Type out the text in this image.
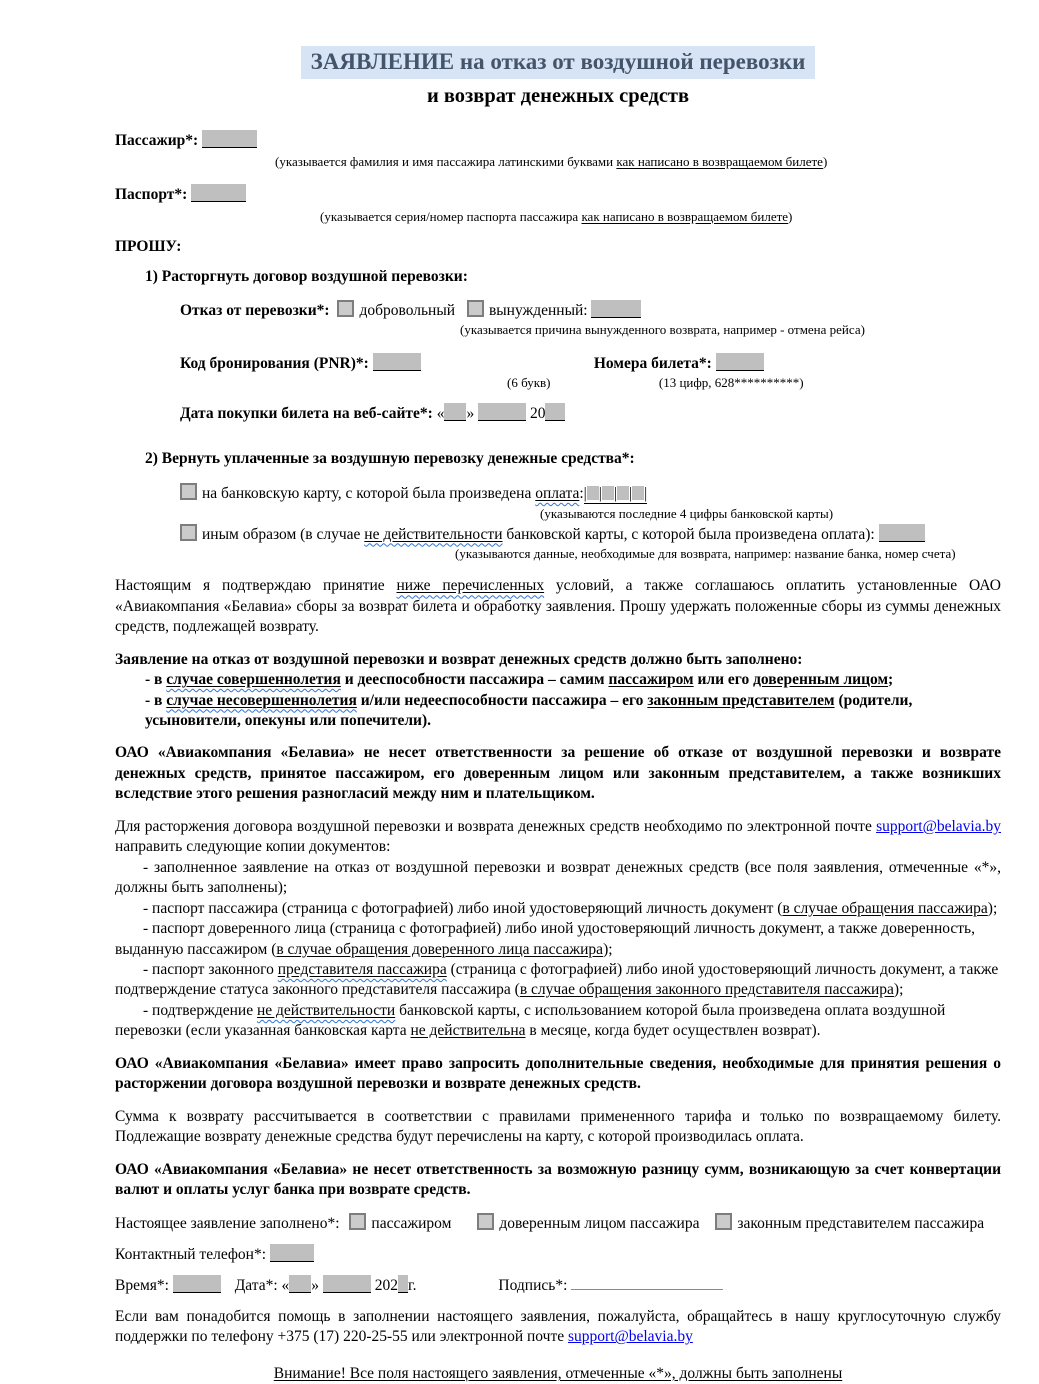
ЗАЯВЛЕНИЕ на отказ от воздушной перевозки
и возврат денежных средств
Пассажир*:
(указывается фамилия и имя пассажира латинскими буквами как написано в возвращаемом билете)
Паспорт*:
(указывается серия/номер паспорта пассажира как написано в возвращаемом билете)
ПРОШУ:
1) Расторгнуть договор воздушной перевозки:
Отказ от перевозки*: добровольный вынужденный:
(указывается причина вынужденного возврата, например - отмена рейса)
Код бронирования (PNR)*:
(6 букв)

Номера билета*:
(13 цифр, 628**********)
Дата покупки билета на веб-сайте*: « »	20
2) Вернуть уплаченные за воздушную перевозку денежные средства*:
на банковскую карту, с которой была произведена оплата:| | | | |
(указываются последние 4 цифры банковской карты)
иным образом (в случае не действительности банковской карты, с которой была произведена оплата):
(указываются данные, необходимые для возврата, например: название банка, номер счета)
Настоящим я подтверждаю принятие ниже перечисленных условий, а также соглашаюсь оплатить установленные ОАО «Авиакомпания «Белавиа» сборы за возврат билета и обработку заявления. Прошу удержать положенные сборы из суммы денежных средств, подлежащей возврату.
Заявление на отказ от воздушной перевозки и возврат денежных средств должно быть заполнено:
- в случае совершеннолетия и дееспособности пассажира – самим пассажиром или его доверенным лицом;
- в случае несовершеннолетия и/или недееспособности пассажира – его законным представителем (родители, усыновители, опекуны или попечители).
ОАО «Авиакомпания «Белавиа» не несет ответственности за решение об отказе от воздушной перевозки и возврате денежных средств, принятое пассажиром, его доверенным лицом или законным представителем, а также возникших вследствие этого решения разногласий между ним и плательщиком.
Для расторжения договора воздушной перевозки и возврата денежных средств необходимо по электронной почте support@belavia.by направить следующие копии документов:
- заполненное заявление на отказ от воздушной перевозки и возврат денежных средств (все поля заявления, отмеченные «*», должны быть заполнены);
- паспорт пассажира (страница с фотографией) либо иной удостоверяющий личность документ (в случае обращения пассажира);
- паспорт доверенного лица (страница с фотографией) либо иной удостоверяющий личность документ, а также доверенность, выданную пассажиром (в случае обращения доверенного лица пассажира);
- паспорт законного представителя пассажира (страница с фотографией) либо иной удостоверяющий личность документ, а также подтверждение статуса законного представителя пассажира (в случае обращения законного представителя пассажира);
- подтверждение не действительности банковской карты, с использованием которой была произведена оплата воздушной перевозки (если указанная банковская карта не действительна в месяце, когда будет осуществлен возврат).
ОАО «Авиакомпания «Белавиа» имеет право запросить дополнительные сведения, необходимые для принятия решения о расторжении договора воздушной перевозки и возврате денежных средств.
Сумма к возврату рассчитывается в соответствии с правилами примененного тарифа и только по возвращаемому билету. Подлежащие возврату денежные средства будут перечислены на карту, с которой производилась оплата.
ОАО «Авиакомпания «Белавиа» не несет ответственность за возможную разницу сумм, возникающую за счет конвертации валют и оплаты услуг банка при возврате средств.
Настоящее заявление заполнено*: пассажиром	доверенным лицом пассажира законным представителем пассажира
Контактный телефон*:
Время*:	Дата*: « »	202 г.	Подпись*:
Если вам понадобится помощь в заполнении настоящего заявления, пожалуйста, обращайтесь в нашу круглосуточную службу поддержки по телефону +375 (17) 220-25-55 или электронной почте support@belavia.by
Внимание! Все поля настоящего заявления, отмеченные «*», должны быть заполнены
